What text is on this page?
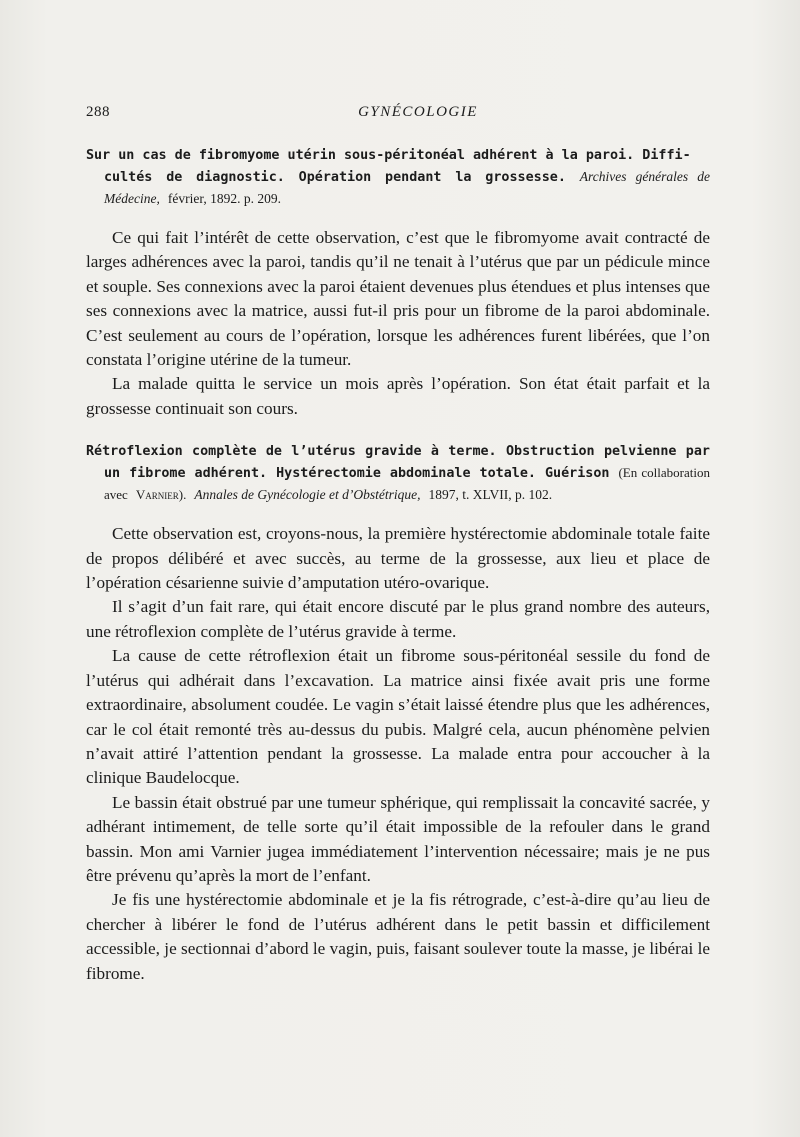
288	GYNÉCOLOGIE

Sur un cas de fibromyome utérin sous-péritonéal adhérent à la paroi. Diffi-
cultés de diagnostic. Opération pendant la grossesse. Archives générales de Médecine, février, 1892. p. 209.

Ce qui fait l’intérêt de cette observation, c’est que le fibromyome avait contracté de larges adhérences avec la paroi, tandis qu’il ne tenait à l’utérus que par un pédicule mince et souple. Ses connexions avec la paroi étaient devenues plus étendues et plus intenses que ses connexions avec la matrice, aussi fut-il pris pour un fibrome de la paroi abdominale. C’est seulement au cours de l’opération, lorsque les adhérences furent libérées, que l’on constata l’origine utérine de la tumeur.

La malade quitta le service un mois après l’opération. Son état était parfait et la grossesse continuait son cours.

Rétroflexion complète de l’utérus gravide à terme. Obstruction pelvienne par un fibrome adhérent. Hystérectomie abdominale totale. Guérison (En collaboration avec Varnier). Annales de Gynécologie et d’Obstétrique, 1897, t. XLVII, p. 102.

Cette observation est, croyons-nous, la première hystérectomie abdominale totale faite de propos délibéré et avec succès, au terme de la grossesse, aux lieu et place de l’opération césarienne suivie d’amputation utéro-ovarique.

Il s’agit d’un fait rare, qui était encore discuté par le plus grand nombre des auteurs, une rétroflexion complète de l’utérus gravide à terme.

La cause de cette rétroflexion était un fibrome sous-péritonéal sessile du fond de l’utérus qui adhérait dans l’excavation. La matrice ainsi fixée avait pris une forme extraordinaire, absolument coudée. Le vagin s’était laissé étendre plus que les adhérences, car le col était remonté très au-dessus du pubis. Malgré cela, aucun phénomène pelvien n’avait attiré l’attention pendant la grossesse. La malade entra pour accoucher à la clinique Baudelocque.

Le bassin était obstrué par une tumeur sphérique, qui remplissait la concavité sacrée, y adhérant intimement, de telle sorte qu’il était impossible de la refouler dans le grand bassin. Mon ami Varnier jugea immédiatement l’intervention nécessaire; mais je ne pus être prévenu qu’après la mort de l’enfant.

Je fis une hystérectomie abdominale et je la fis rétrograde, c’est-à-dire qu’au lieu de chercher à libérer le fond de l’utérus adhérent dans le petit bassin et difficilement accessible, je sectionnai d’abord le vagin, puis, faisant soulever toute la masse, je libérai le fibrome.
